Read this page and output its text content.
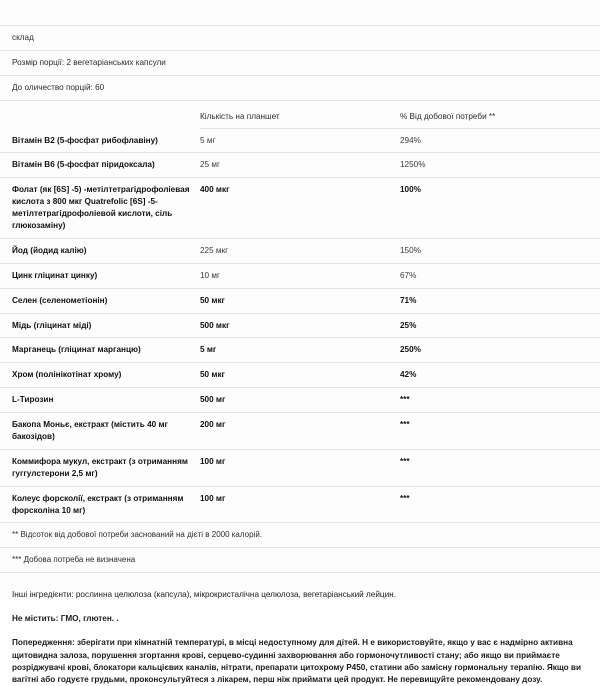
склад		
Розмір порції: 2 вегетаріанських капсули		
До оличество порцій: 60		
	Кількість на планшет	% Від добової потреби **
Вітамін B2 (5-фосфат рибофлавіну)	5 мг	294%
Вітамін B6 (5-фосфат піридоксала)	25 мг	1250%
Фолат (як [6S] -5) -метілтетрагідрофоліевая кислота з 800 мкг Quatrefolic [6S] -5-метілтетрагідрофоліевой кислоти, сіль глюкозаміну)	400 мкг	100%
Йод (йодид калію)	225 мкг	150%
Цинк гліцинат цинку)	10 мг	67%
Селен (селенометіонін)	50 мкг	71%
Мідь (гліцинат міді)	500 мкг	25%
Марганець (гліцинат марганцю)	5 мг	250%
Хром (полінікотінат хрому)	50 мкг	42%
L-Тирозин	500 мг	***
Бакопа Моньє, екстракт (містить 40 мг бакозідов)	200 мг	***
Коммифора мукул, екстракт (з отриманням гуггулстерони 2,5 мг)	100 мг	***
Колеус форсколії, екстракт (з отриманням форсколіна 10 мг)	100 мг	***
** Відсоток від добової потреби заснований на дієті в 2000 калорій.		
*** Добова потреба не визначена		

Інші інгредієнти: рослинна целюлоза (капсула), мікрокристалічна целюлоза, вегетаріанський лейцин.

Не містить: ГМО, глютен. .

Попередження: зберігати при кімнатній температурі, в місці недоступному для дітей. Н е використовуйте, якщо у вас є надмірно активна щитовидна залоза, порушення згортання крові, серцево-судинні захворювання або гормоночутливості стану; або якщо ви приймаєте розріджувачі крові, блокатори кальцієвих каналів, нітрати, препарати цитохрому P450, статини або замісну гормональну терапію. Якщо ви вагітні або годуєте грудьми, проконсультуйтеся з лікарем, перш ніж приймати цей продукт. Не перевищуйте рекомендовану дозу.
